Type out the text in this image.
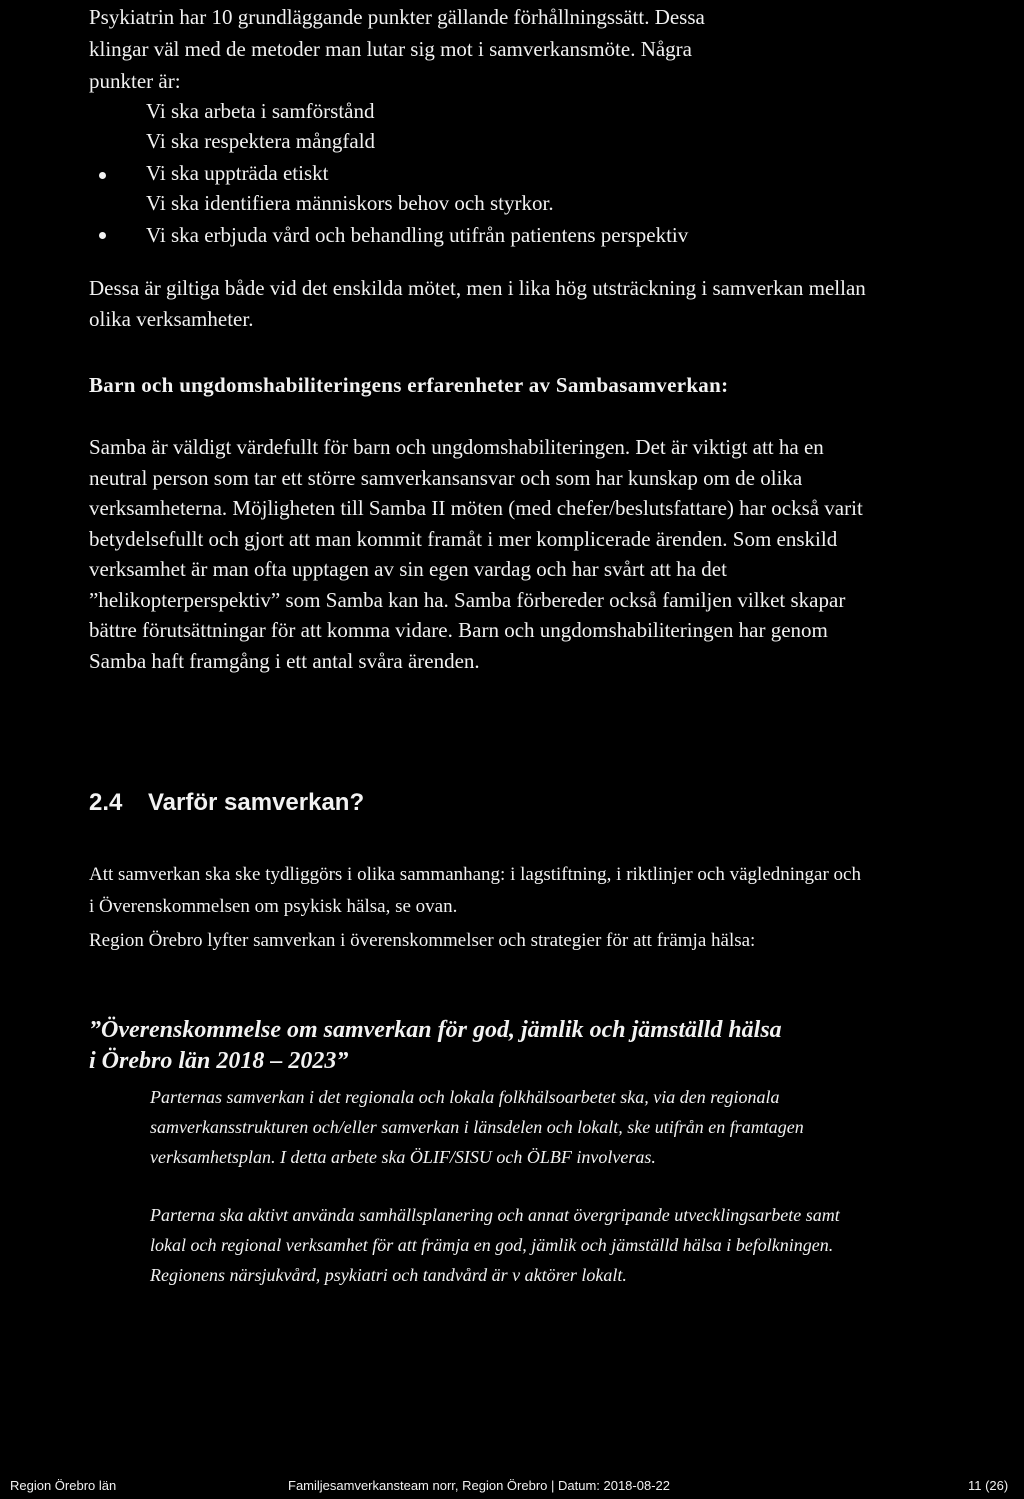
Psykiatrin har 10 grundläggande punkter gällande förhållningssätt. Dessa
klingar väl med de metoder man lutar sig mot i samverkansmöte. Några
punkter är:
Vi ska arbeta i samförstånd
Vi ska respektera mångfald
Vi ska uppträda etiskt
Vi ska identifiera människors behov och styrkor.
Vi ska erbjuda vård och behandling utifrån patientens perspektiv
Dessa är giltiga både vid det enskilda mötet, men i lika hög utsträckning i samverkan mellan olika verksamheter.
Barn och ungdomshabiliteringens erfarenheter av Sambasamverkan:
Samba är väldigt värdefullt för barn och ungdomshabiliteringen. Det är viktigt att ha en neutral person som tar ett större samverkansansvar och som har kunskap om de olika verksamheterna. Möjligheten till Samba II möten (med chefer/beslutsfattare) har också varit betydelsefullt och gjort att man kommit framåt i mer komplicerade ärenden. Som enskild verksamhet är man ofta upptagen av sin egen vardag och har svårt att ha det ”helikopterperspektiv” som Samba kan ha. Samba förbereder också familjen vilket skapar bättre förutsättningar för att komma vidare. Barn och ungdomshabiliteringen har genom Samba haft framgång i ett antal svåra ärenden.
2.4 Varför samverkan?
Att samverkan ska ske tydliggörs i olika sammanhang: i lagstiftning, i riktlinjer och vägledningar och i Överenskommelsen om psykisk hälsa, se ovan.
Region Örebro lyfter samverkan i överenskommelser och strategier för att främja hälsa:
”Överenskommelse om samverkan för god, jämlik och jämställd hälsa
i Örebro län 2018 – 2023”
Parternas samverkan i det regionala och lokala folkhälsoarbetet ska, via den regionala samverkansstrukturen och/eller samverkan i länsdelen och lokalt, ske utifrån en framtagen verksamhetsplan. I detta arbete ska ÖLIF/SISU och ÖLBF involveras.
Parterna ska aktivt använda samhällsplanering och annat övergripande utvecklingsarbete samt lokal och regional verksamhet för att främja en god, jämlik och jämställd hälsa i befolkningen. Regionens närsjukvård, psykiatri och tandvård är v aktörer lokalt.
Region Örebro län	Familjesamverkansteam norr, Region Örebro | Datum: 2018-08-22	11 (26)
